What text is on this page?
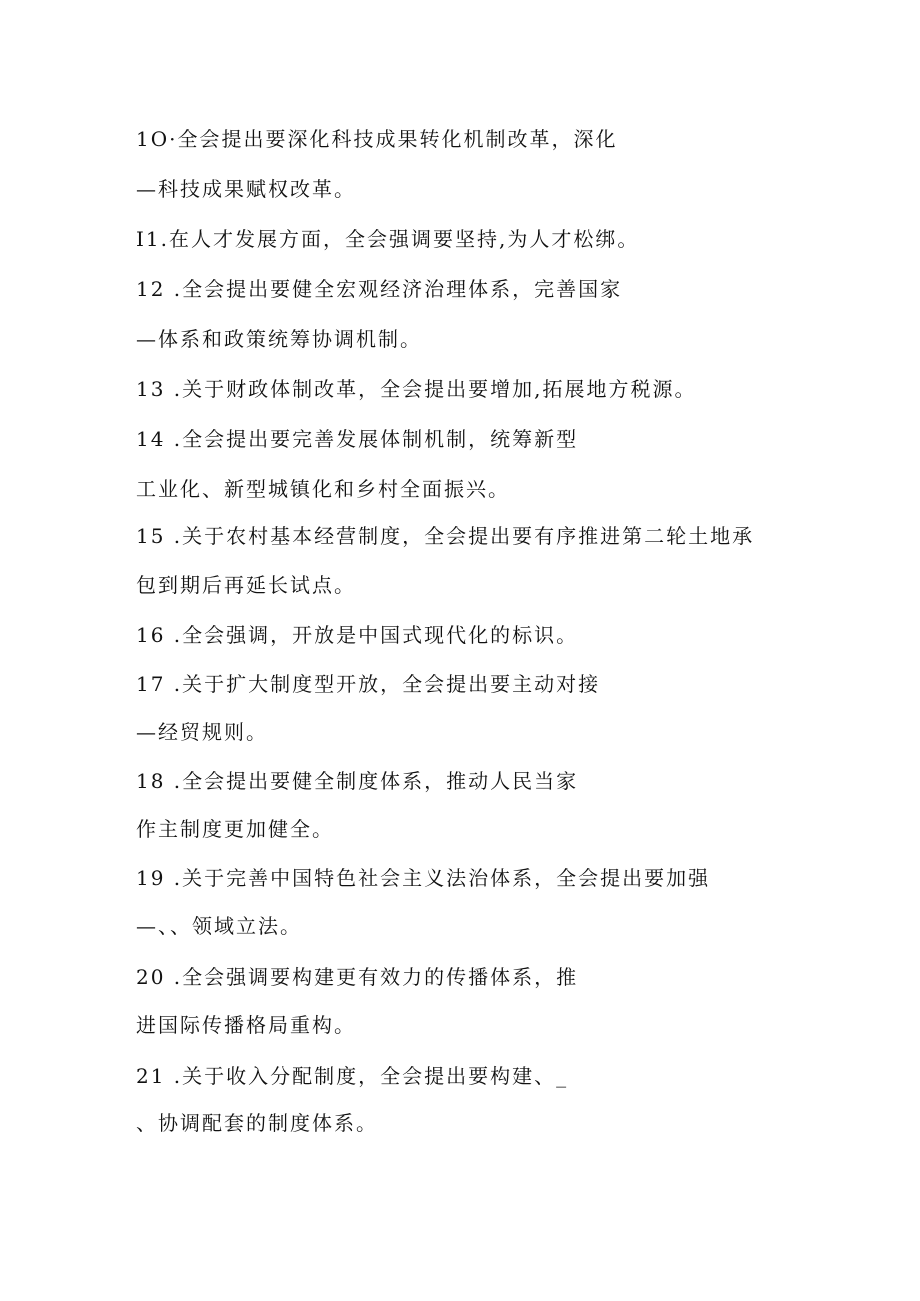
1O·全会提出要深化科技成果转化机制改革，深化
—科技成果赋权改革。
I1.在人才发展方面，全会强调要坚持,为人才松绑。
12 .全会提出要健全宏观经济治理体系，完善国家
—体系和政策统筹协调机制。
13 .关于财政体制改革，全会提出要增加,拓展地方税源。
14 .全会提出要完善发展体制机制，统筹新型
工业化、新型城镇化和乡村全面振兴。
15 .关于农村基本经营制度，全会提出要有序推进第二轮土地承
包到期后再延长试点。
16 .全会强调，开放是中国式现代化的标识。
17 .关于扩大制度型开放，全会提出要主动对接
—经贸规则。
18 .全会提出要健全制度体系，推动人民当家
作主制度更加健全。
19 .关于完善中国特色社会主义法治体系，全会提出要加强
—、、领域立法。
20 .全会强调要构建更有效力的传播体系，推
进国际传播格局重构。
21 .关于收入分配制度，全会提出要构建、_
、协调配套的制度体系。
